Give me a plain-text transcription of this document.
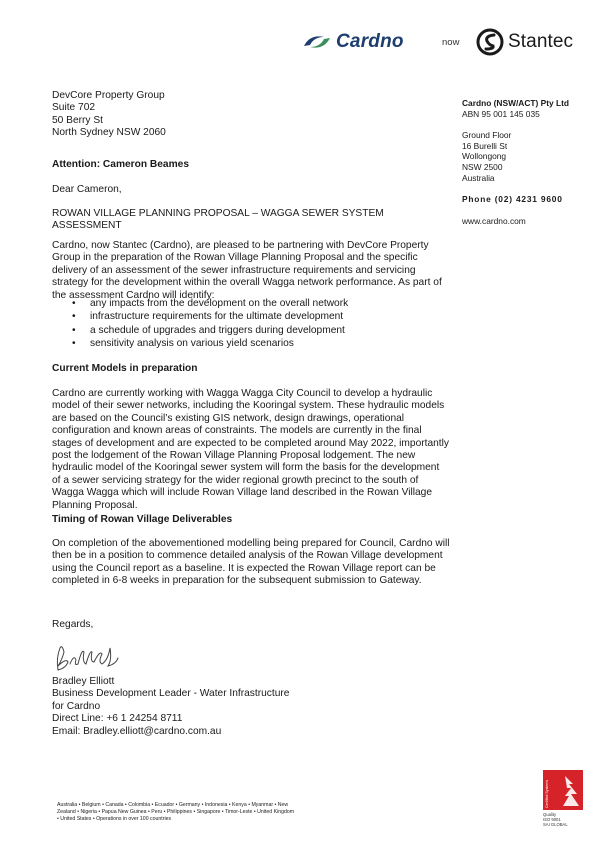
Cardno	now	Stantec
Cardno (NSW/ACT) Pty Ltd
ABN 95 001 145 035
Ground Floor
16 Burelli St
Wollongong
NSW 2500
Australia
Phone (02) 4231 9600
www.cardno.com
DevCore Property Group
Suite 702
50 Berry St
North Sydney NSW 2060
Attention: Cameron Beames
Dear Cameron,
ROWAN VILLAGE PLANNING PROPOSAL – WAGGA SEWER SYSTEM ASSESSMENT
Cardno, now Stantec (Cardno), are pleased to be partnering with DevCore Property Group in the preparation of the Rowan Village Planning Proposal and the specific delivery of an assessment of the sewer infrastructure requirements and servicing strategy for the development within the overall Wagga network performance. As part of the assessment Cardno will identify:
• any impacts from the development on the overall network
• infrastructure requirements for the ultimate development
• a schedule of upgrades and triggers during development
• sensitivity analysis on various yield scenarios
Current Models in preparation
Cardno are currently working with Wagga Wagga City Council to develop a hydraulic model of their sewer networks, including the Kooringal system. These hydraulic models are based on the Council’s existing GIS network, design drawings, operational configuration and known areas of constraints. The models are currently in the final stages of development and are expected to be completed around May 2022, importantly post the lodgement of the Rowan Village Planning Proposal lodgement. The new hydraulic model of the Kooringal sewer system will form the basis for the development of a sewer servicing strategy for the wider regional growth precinct to the south of Wagga Wagga which will include Rowan Village land described in the Rowan Village Planning Proposal.
Timing of Rowan Village Deliverables
On completion of the abovementioned modelling being prepared for Council, Cardno will then be in a position to commence detailed analysis of the Rowan Village development using the Council report as a baseline. It is expected the Rowan Village report can be completed in 6-8 weeks in preparation for the subsequent submission to Gateway.
Regards,
Bradley Elliott
Business Development Leader - Water Infrastructure
for Cardno
Direct Line: +6 1 24254 8711
Email: Bradley.elliott@cardno.com.au
Australia • Belgium • Canada • Colombia • Ecuador • Germany • Indonesia • Kenya • Myanmar • New Zealand • Nigeria • Papua New Guinea • Peru • Philippines • Singapore • Timor-Leste • United Kingdom • United States • Operations in over 100 countries
Certified Systems
Quality
ISO 9001
SAI GLOBAL
